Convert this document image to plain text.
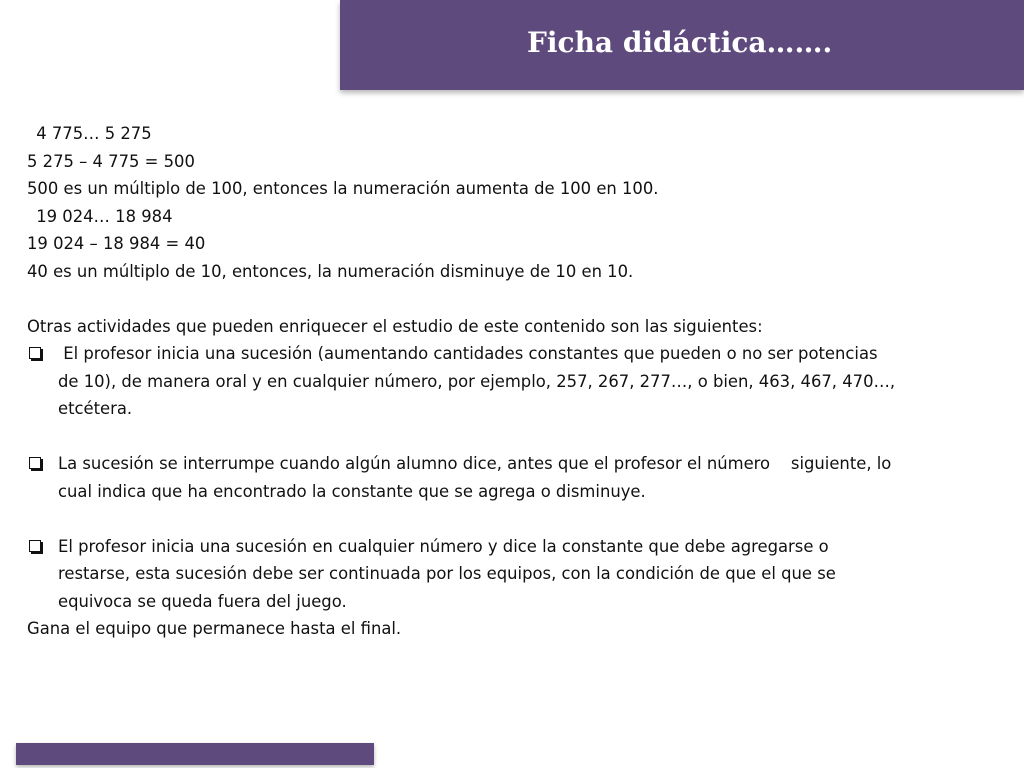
Ficha didáctica…….
4 775… 5 275
5 275 – 4 775 = 500
500 es un múltiplo de 100, entonces la numeración aumenta de 100 en 100.
19 024… 18 984
19 024 – 18 984 = 40
40 es un múltiplo de 10, entonces, la numeración disminuye de 10 en 10.
Otras actividades que pueden enriquecer el estudio de este contenido son las siguientes:
El profesor inicia una sucesión (aumentando cantidades constantes que pueden o no ser potencias
de 10), de manera oral y en cualquier número, por ejemplo, 257, 267, 277…, o bien, 463, 467, 470…,
etcétera.
La sucesión se interrumpe cuando algún alumno dice, antes que el profesor el número    siguiente, lo
cual indica que ha encontrado la constante que se agrega o disminuye.
El profesor inicia una sucesión en cualquier número y dice la constante que debe agregarse o
restarse, esta sucesión debe ser continuada por los equipos, con la condición de que el que se
equivoca se queda fuera del juego.
Gana el equipo que permanece hasta el final.
